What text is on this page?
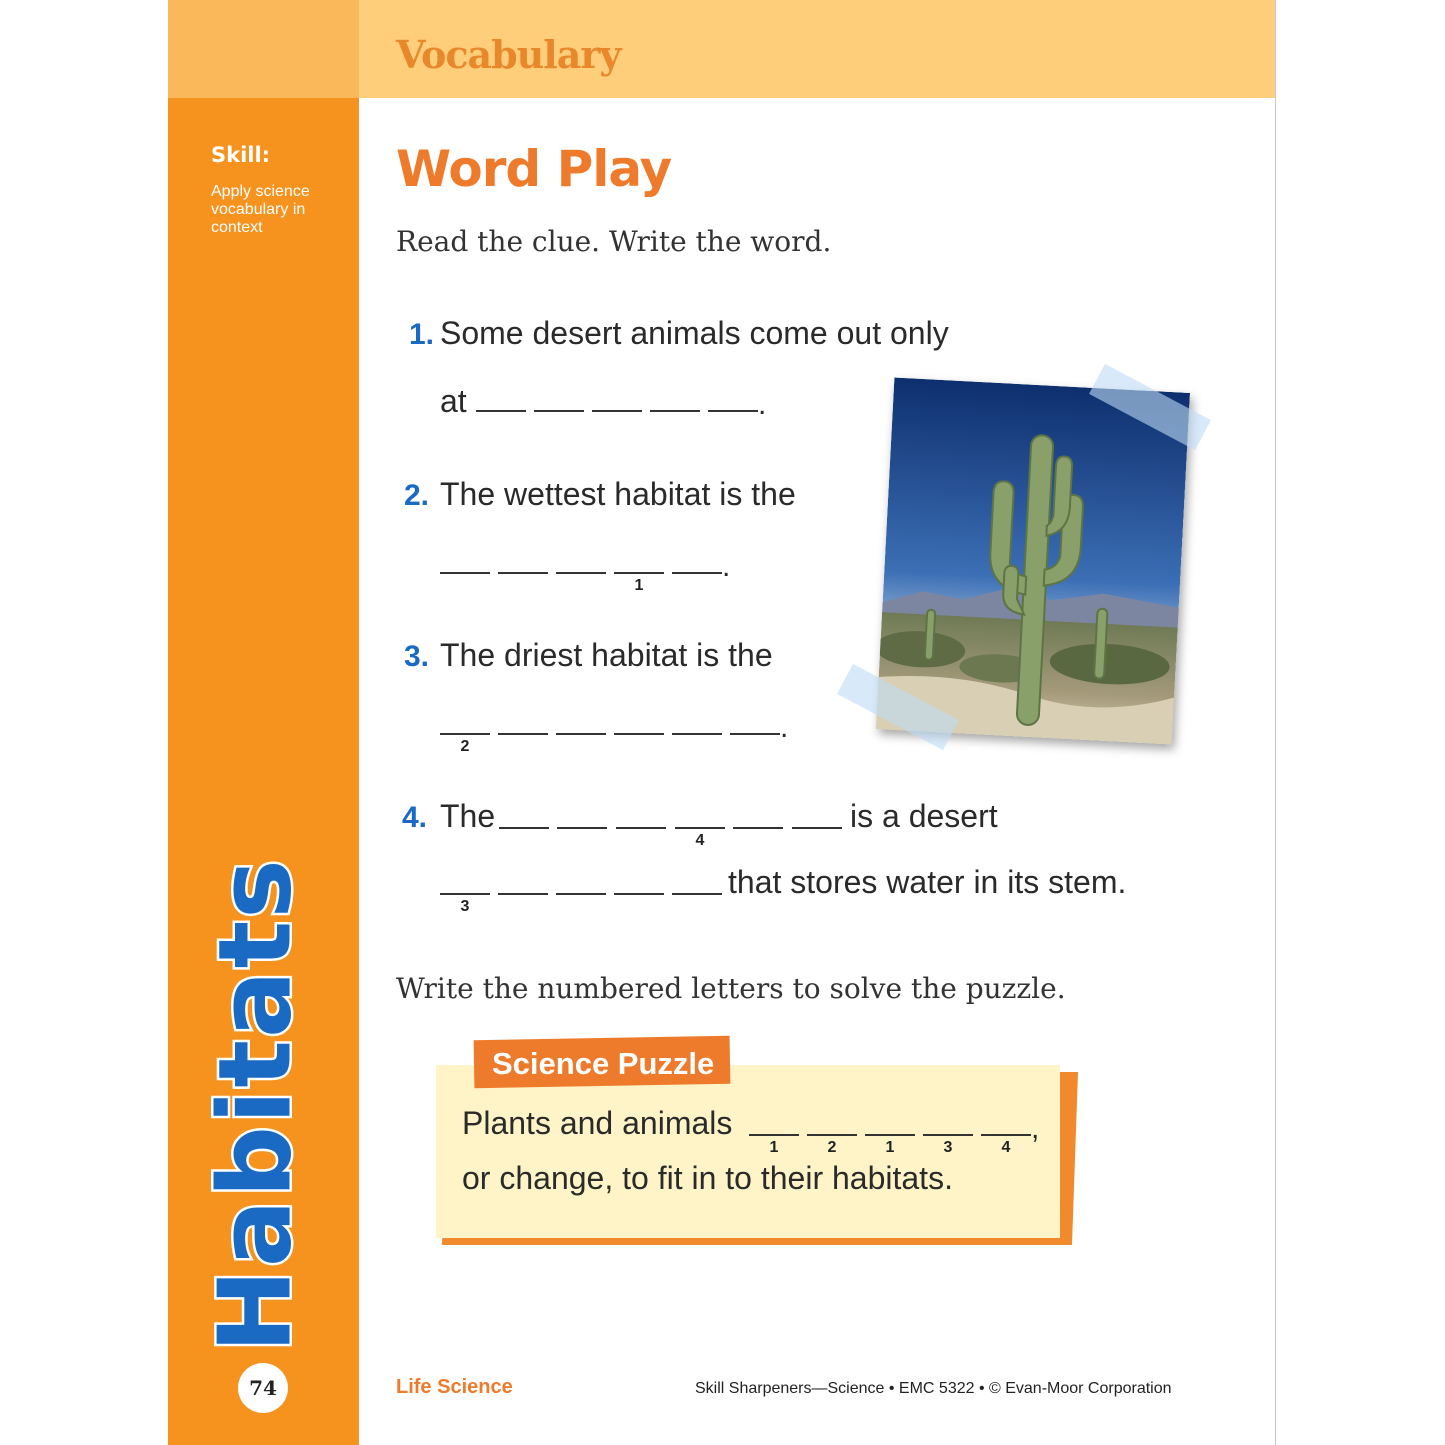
Vocabulary
Skill:
Apply science vocabulary in context
Habitats
74
Word Play
Read the clue. Write the word.
1. Some desert animals come out only
at	.
2. The wettest habitat is the
1
.
3. The driest habitat is the
2
.
4. The
4
is a desert
3
that stores water in its stem.
Write the numbered letters to solve the puzzle.
Science Puzzle
Plants and animals
1	2	1	3	4
,
or change, to fit in to their habitats.
Life Science	Skill Sharpeners—Science • EMC 5322 • © Evan-Moor Corporation
